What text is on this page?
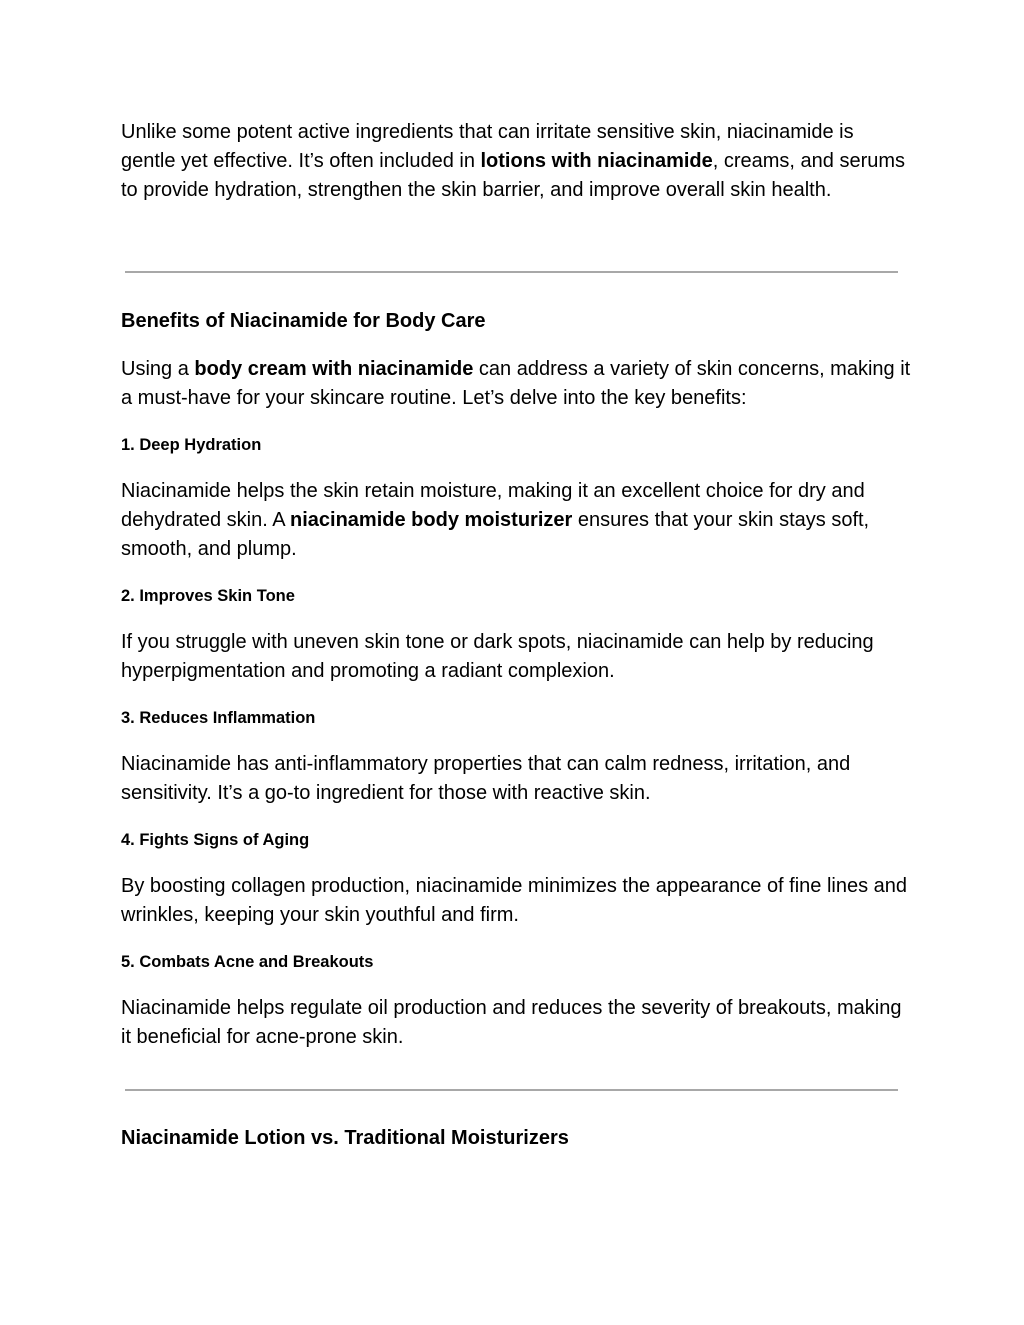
Unlike some potent active ingredients that can irritate sensitive skin, niacinamide is gentle yet effective. It’s often included in lotions with niacinamide, creams, and serums to provide hydration, strengthen the skin barrier, and improve overall skin health.

Benefits of Niacinamide for Body Care

Using a body cream with niacinamide can address a variety of skin concerns, making it a must-have for your skincare routine. Let’s delve into the key benefits:

1. Deep Hydration

Niacinamide helps the skin retain moisture, making it an excellent choice for dry and dehydrated skin. A niacinamide body moisturizer ensures that your skin stays soft, smooth, and plump.

2. Improves Skin Tone

If you struggle with uneven skin tone or dark spots, niacinamide can help by reducing hyperpigmentation and promoting a radiant complexion.

3. Reduces Inflammation

Niacinamide has anti-inflammatory properties that can calm redness, irritation, and sensitivity. It’s a go-to ingredient for those with reactive skin.

4. Fights Signs of Aging

By boosting collagen production, niacinamide minimizes the appearance of fine lines and wrinkles, keeping your skin youthful and firm.

5. Combats Acne and Breakouts

Niacinamide helps regulate oil production and reduces the severity of breakouts, making it beneficial for acne-prone skin.

Niacinamide Lotion vs. Traditional Moisturizers
